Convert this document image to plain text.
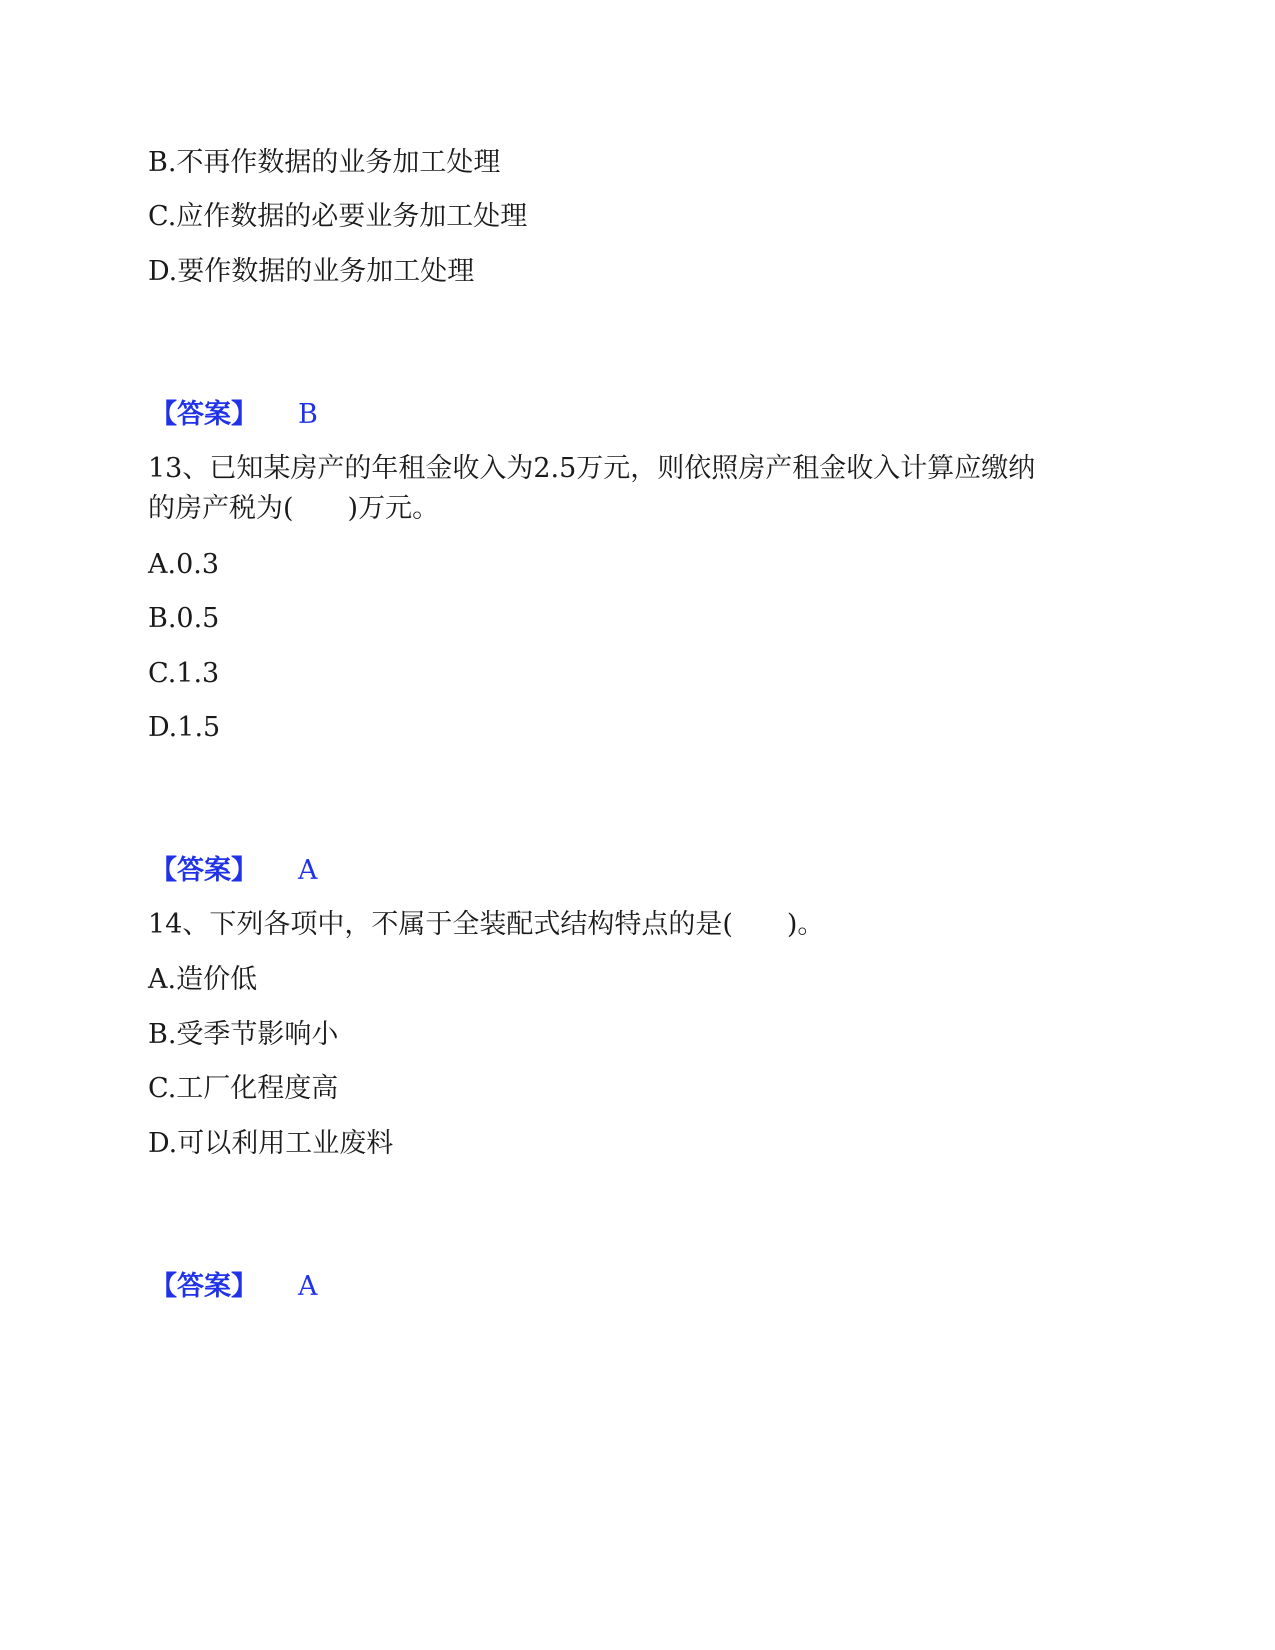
B.不再作数据的业务加工处理
C.应作数据的必要业务加工处理
D.要作数据的业务加工处理
【答案】 B
13、已知某房产的年租金收入为2.5万元，则依照房产租金收入计算应缴纳
的房产税为(　　)万元。
A.0.3
B.0.5
C.1.3
D.1.5
【答案】 A
14、下列各项中，不属于全装配式结构特点的是(　　)。
A.造价低
B.受季节影响小
C.工厂化程度高
D.可以利用工业废料
【答案】 A
